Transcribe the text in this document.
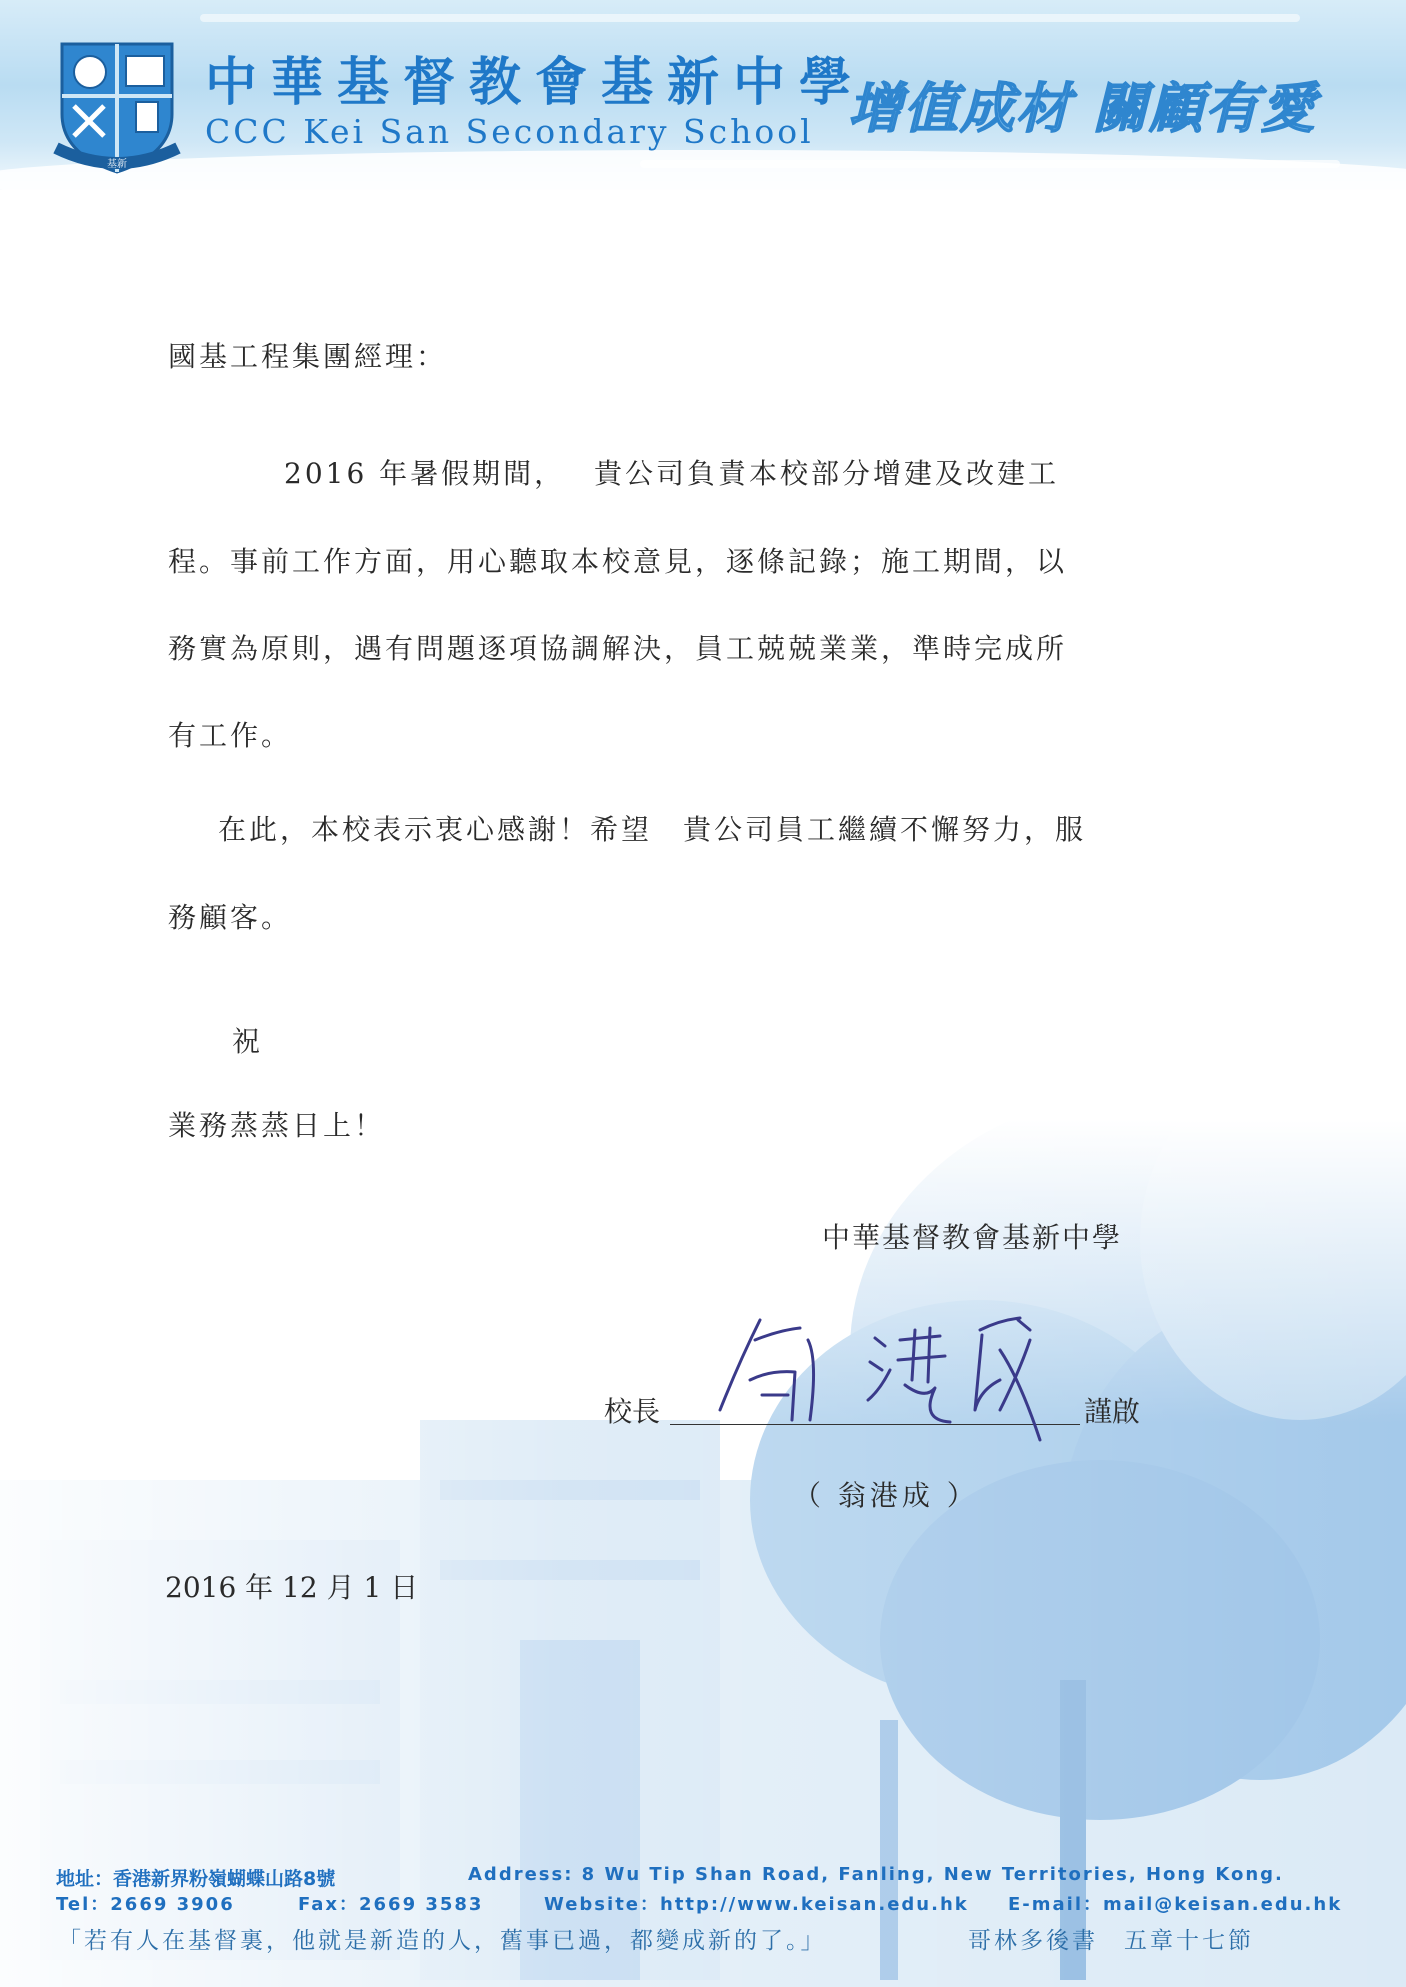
基新

中華基督教會基新中學

CCC Kei San Secondary School 增值成材 關顧有愛

國基工程集團經理：

2016 年暑假期間，　 貴公司負責本校部分增建及改建工

程。事前工作方面，用心聽取本校意見，逐條記錄；施工期間，以

務實為原則，遇有問題逐項協調解決，員工兢兢業業，準時完成所

有工作。

在此，本校表示衷心感謝！希望　貴公司員工繼續不懈努力，服

務顧客。

祝

業務蒸蒸日上！

中華基督教會基新中學

校長	謹啟

（ 翁港成 ）

2016 年 12 月 1 日

地址：香港新界粉嶺蝴蝶山路8號	Address: 8 Wu Tip Shan Road, Fanling, New Territories, Hong Kong.

Tel：2669 3906	Fax：2669 3583	Website：http://www.keisan.edu.hk E-mail：mail@keisan.edu.hk

「若有人在基督裏，他就是新造的人，舊事已過，都變成新的了。」	哥林多後書　五章十七節
